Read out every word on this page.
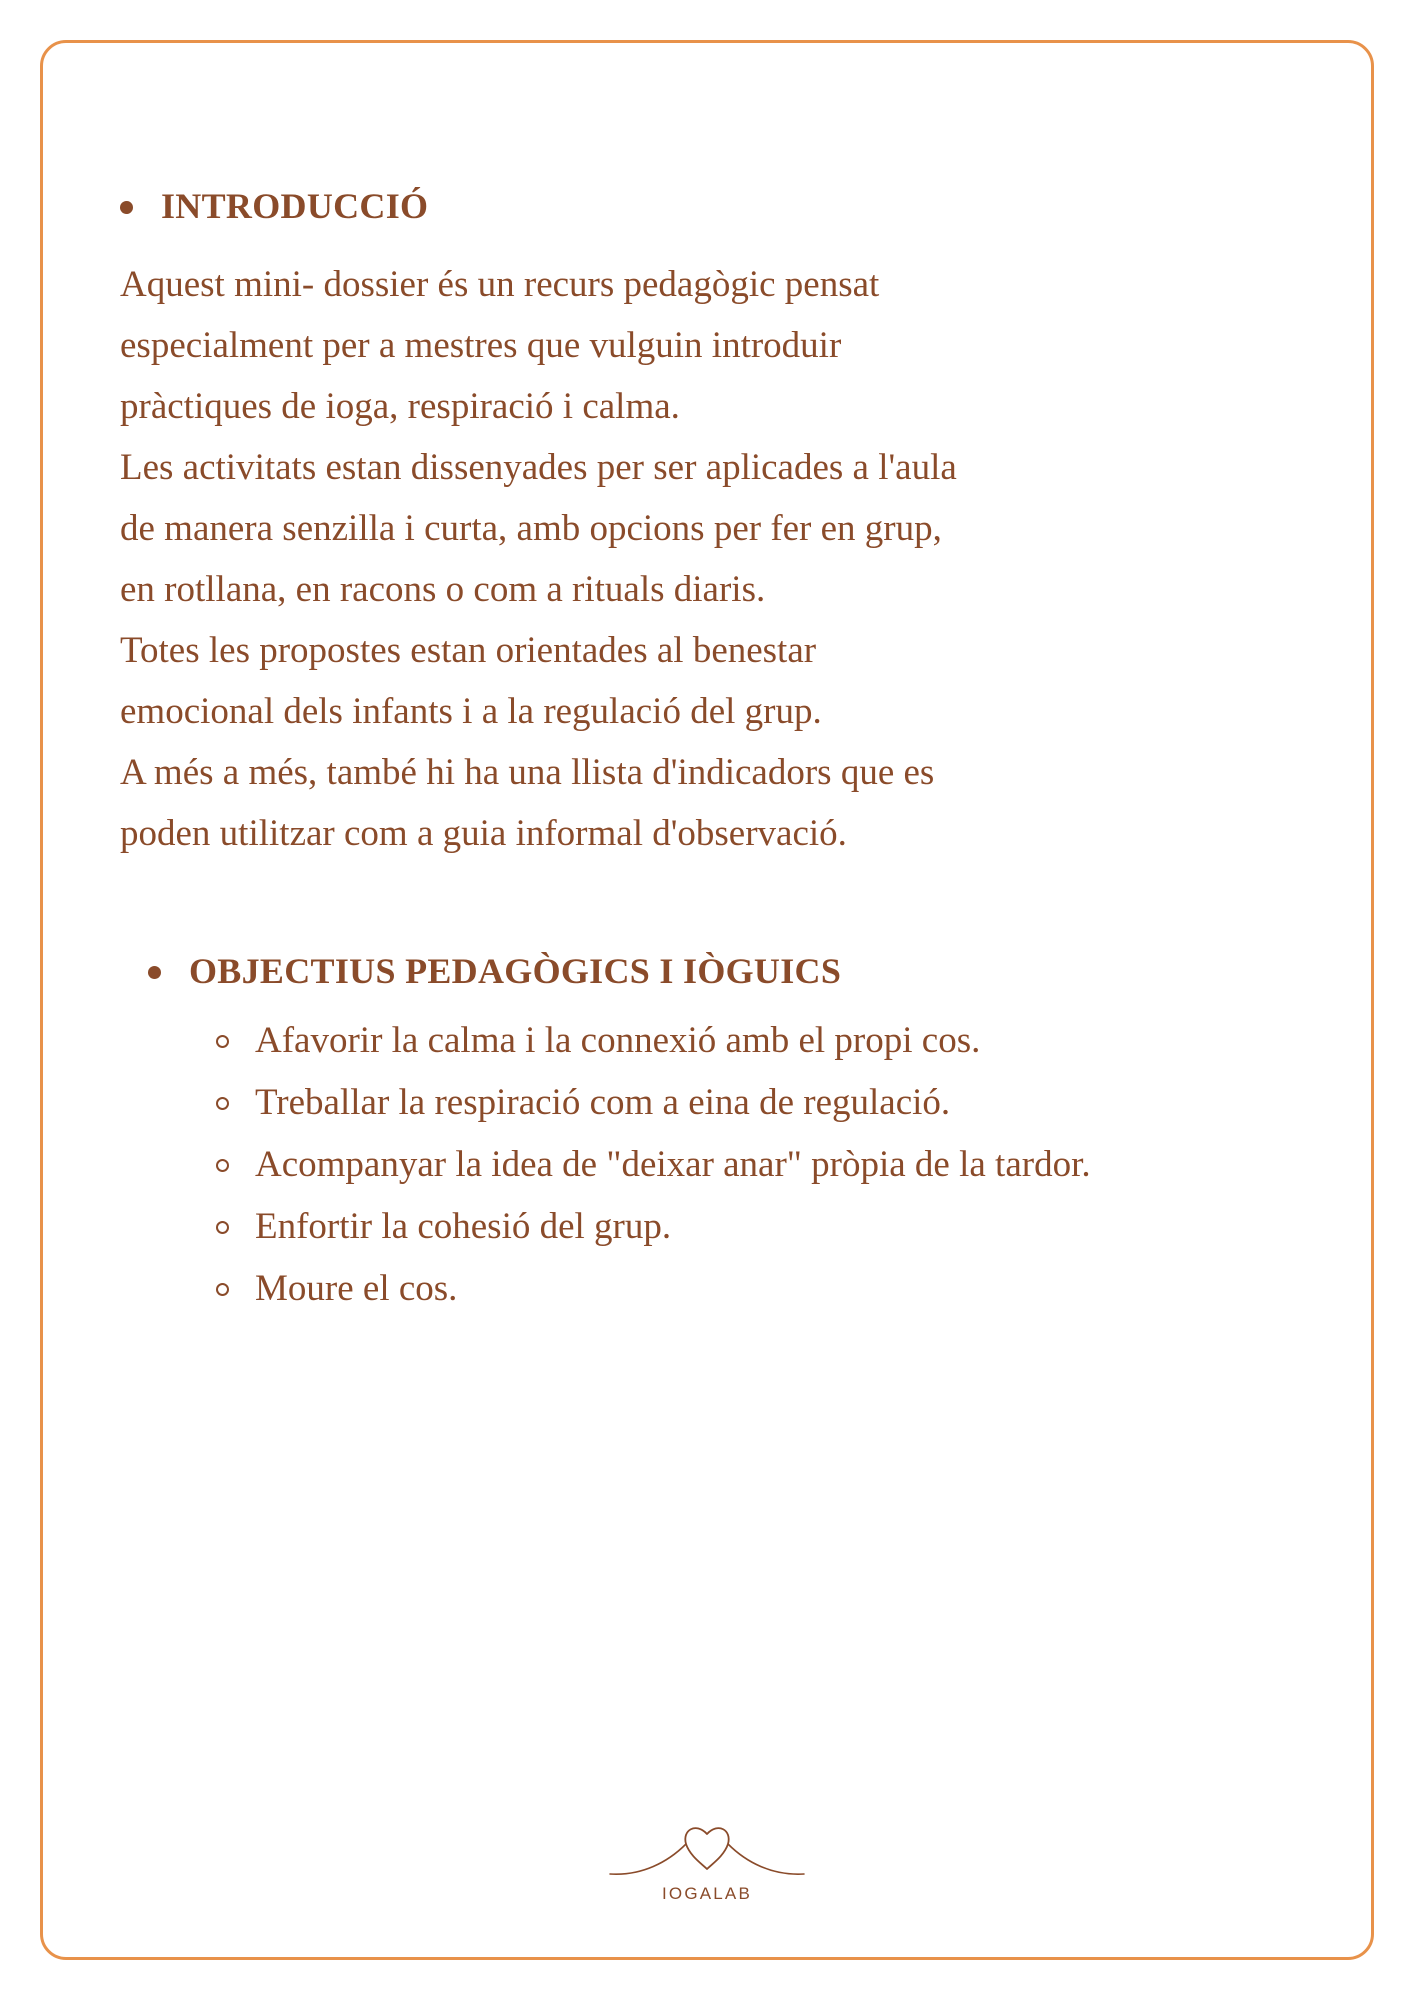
INTRODUCCIÓ
Aquest mini- dossier és un recurs pedagògic pensat
especialment per a mestres que vulguin introduir
pràctiques de ioga, respiració i calma.
Les activitats estan dissenyades per ser aplicades a l'aula
de manera senzilla i curta, amb opcions per fer en grup,
en rotllana, en racons o com a rituals diaris.
Totes les propostes estan orientades al benestar
emocional dels infants i a la regulació del grup.
A més a més, també hi ha una llista d'indicadors que es
poden utilitzar com a guia informal d'observació.
OBJECTIUS PEDAGÒGICS I IÒGUICS
Afavorir la calma i la connexió amb el propi cos.
Treballar la respiració com a eina de regulació.
Acompanyar la idea de "deixar anar" pròpia de la tardor.
Enfortir la cohesió del grup.
Moure el cos.
IOGALAB
